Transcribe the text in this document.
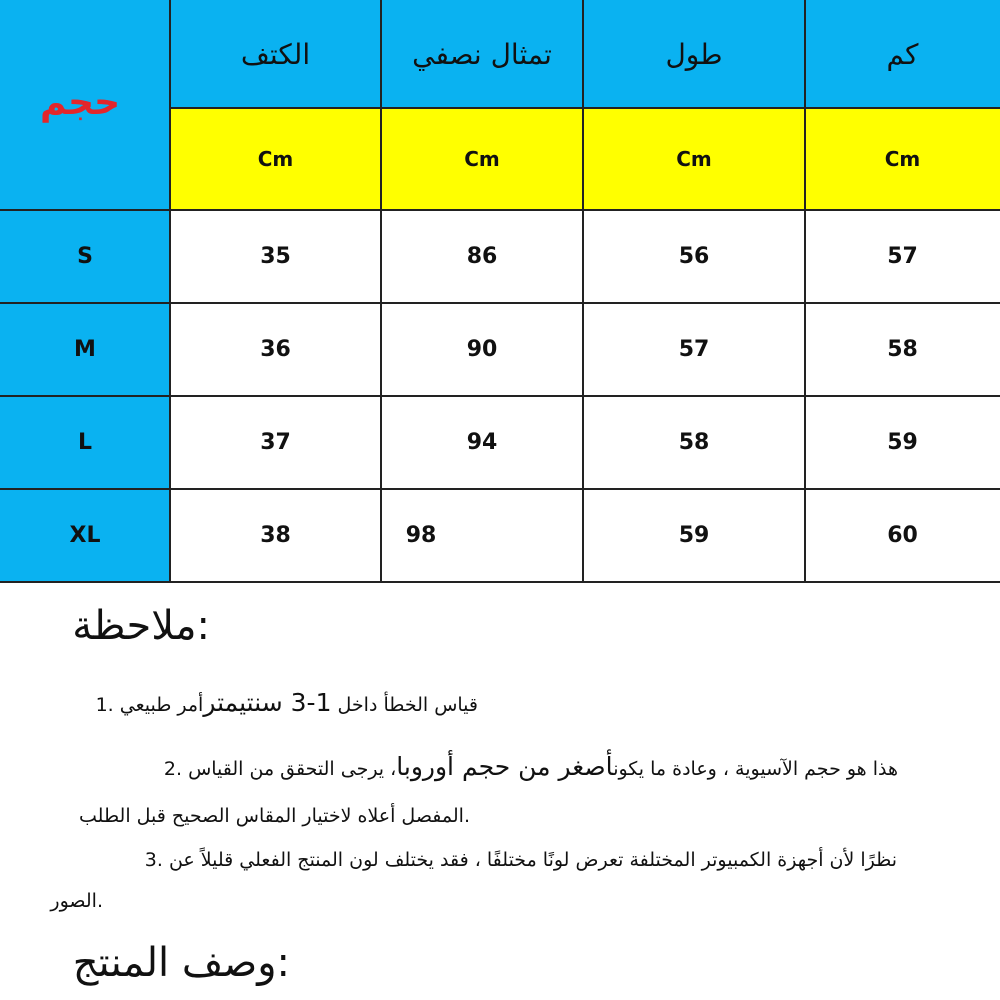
حجم
الكتف	تمثال نصفي	طول	كم
Cm	Cm	Cm	Cm
S	35	86	56	57
M	36	90	57	58
L	37	94	58	59
XL	38	98	59	60
:ملاحظة
قياس الخطأ داخل 1-3 سنتيمترأمر طبيعي .1
هذا هو حجم الآسيوية ، وعادة ما يكونأصغر من حجم أوروبا، يرجى التحقق من القياس .2
.المفصل أعلاه لاختيار المقاس الصحيح قبل الطلب
نظرًا لأن أجهزة الكمبيوتر المختلفة تعرض لونًا مختلفًا ، فقد يختلف لون المنتج الفعلي قليلاً عن .3
.الصور
:وصف المنتج
